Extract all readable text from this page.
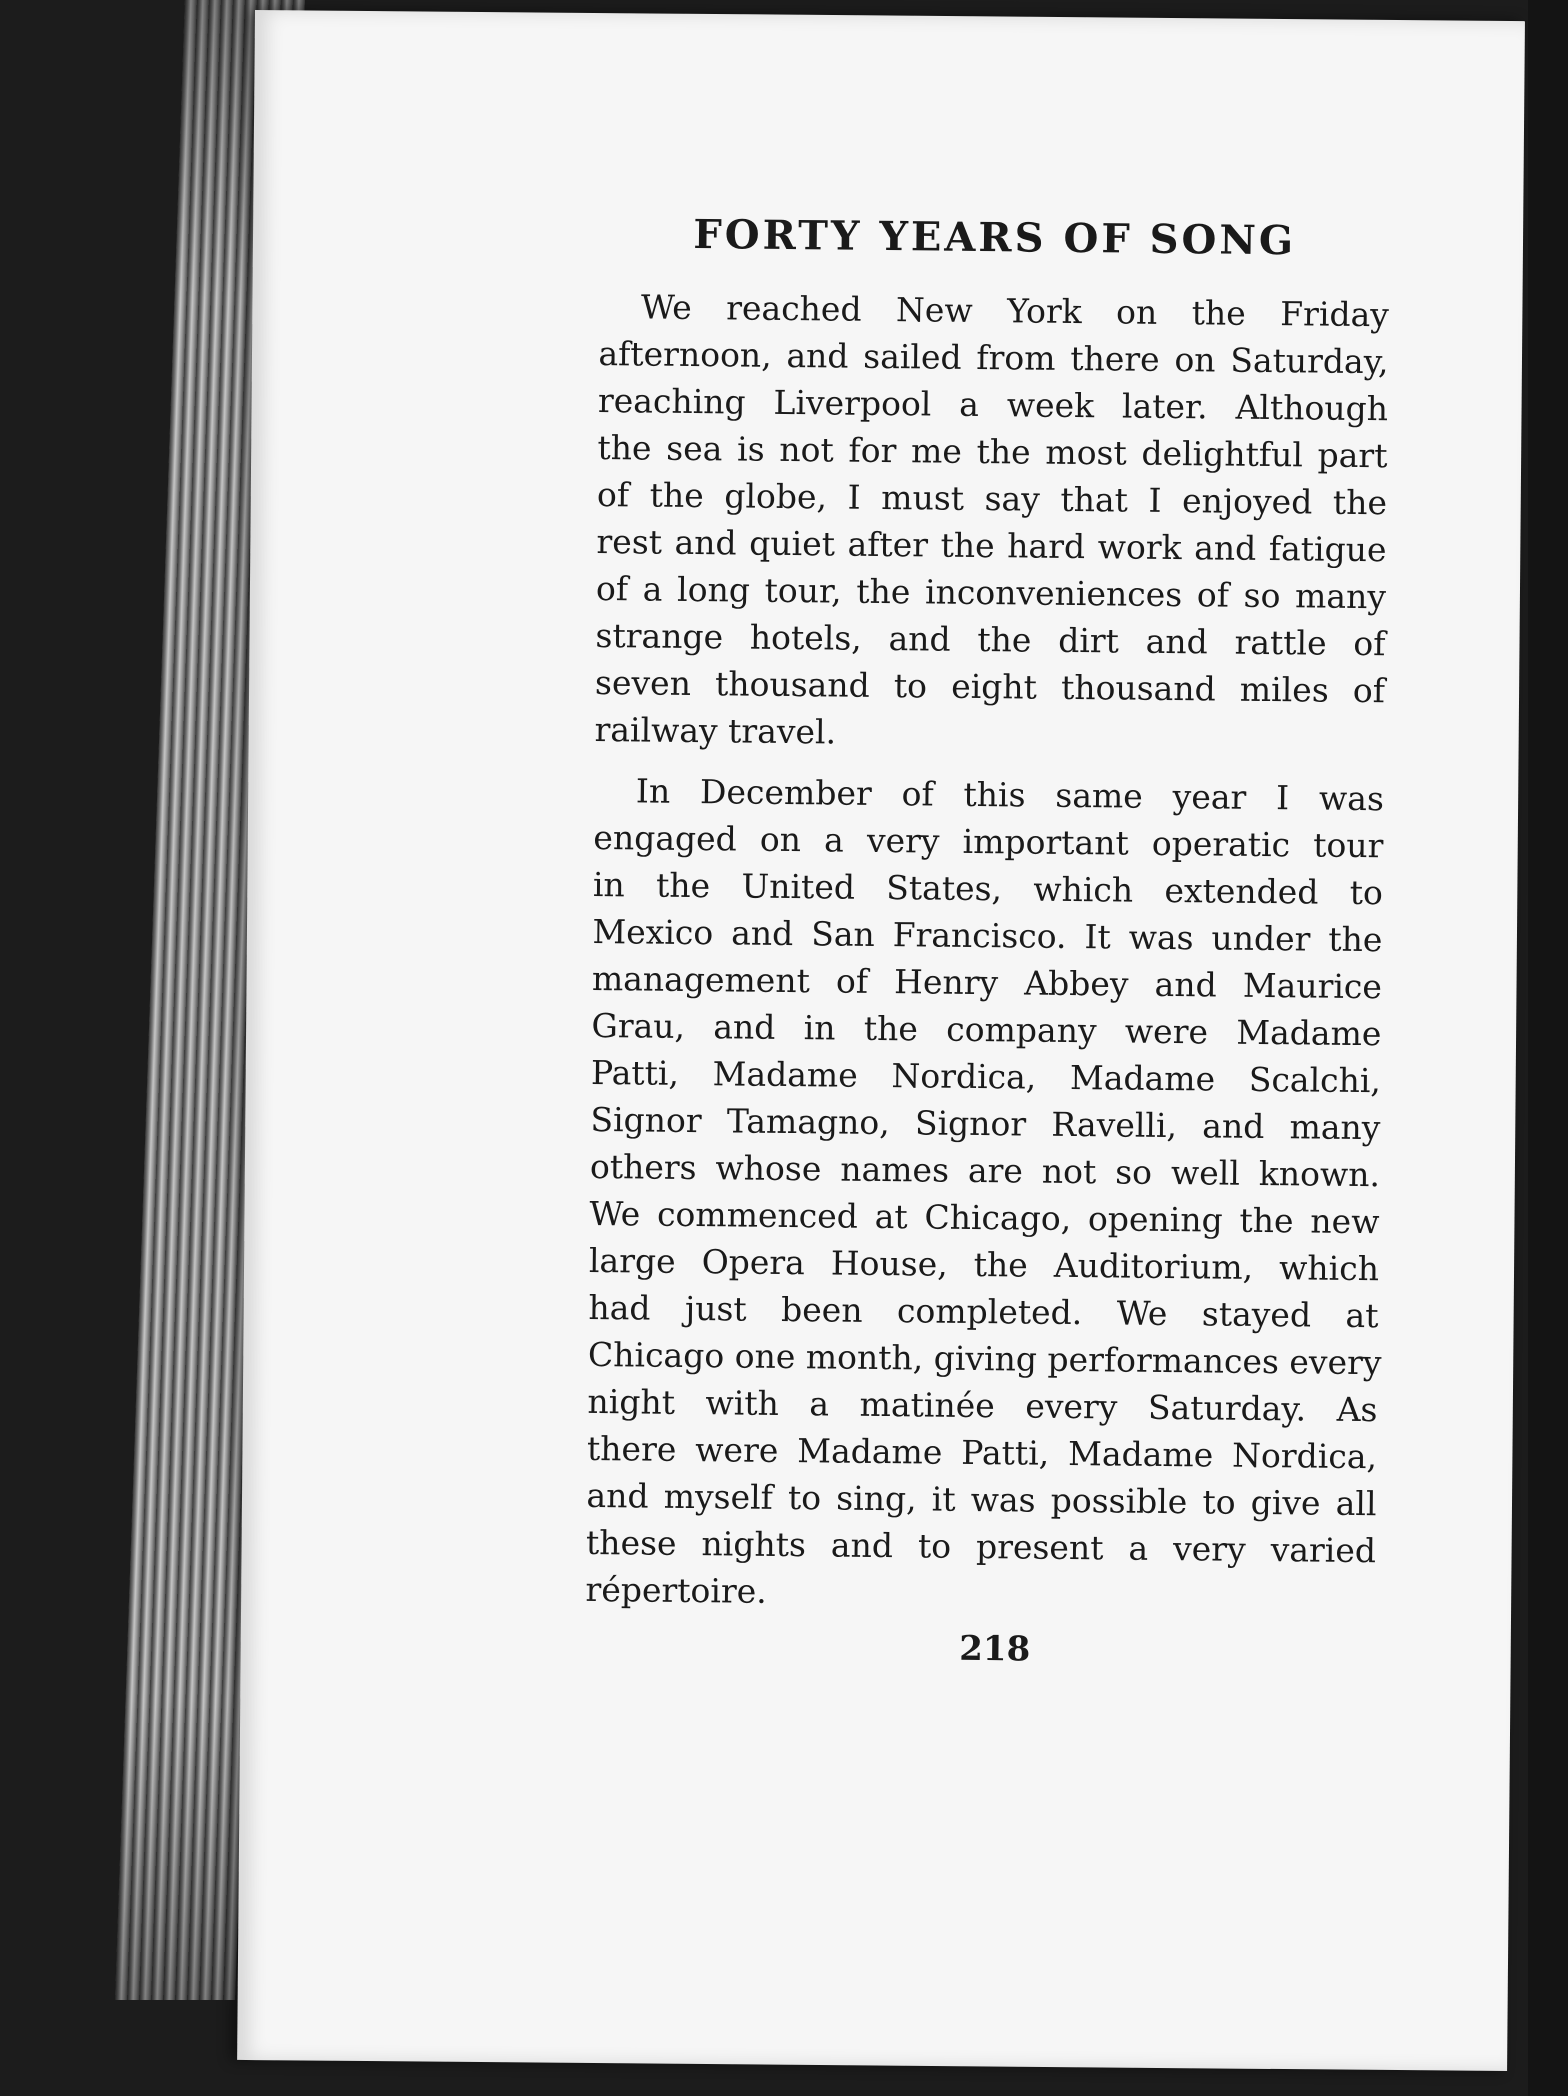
FORTY YEARS OF SONG

We reached New York on the Friday
afternoon, and sailed from there on Saturday,
reaching Liverpool a week later. Although
the sea is not for me the most delightful part
of the globe, I must say that I enjoyed the
rest and quiet after the hard work and fatigue
of a long tour, the inconveniences of so many
strange hotels, and the dirt and rattle of
seven thousand to eight thousand miles of
railway travel.

In December of this same year I was
engaged on a very important operatic tour
in the United States, which extended to
Mexico and San Francisco. It was under the
management of Henry Abbey and Maurice
Grau, and in the company were Madame
Patti, Madame Nordica, Madame Scalchi,
Signor Tamagno, Signor Ravelli, and many
others whose names are not so well known.
We commenced at Chicago, opening the new
large Opera House, the Auditorium, which
had just been completed. We stayed at
Chicago one month, giving performances every
night with a matinée every Saturday. As
there were Madame Patti, Madame Nordica,
and myself to sing, it was possible to give all
these nights and to present a very varied
répertoire.

218
